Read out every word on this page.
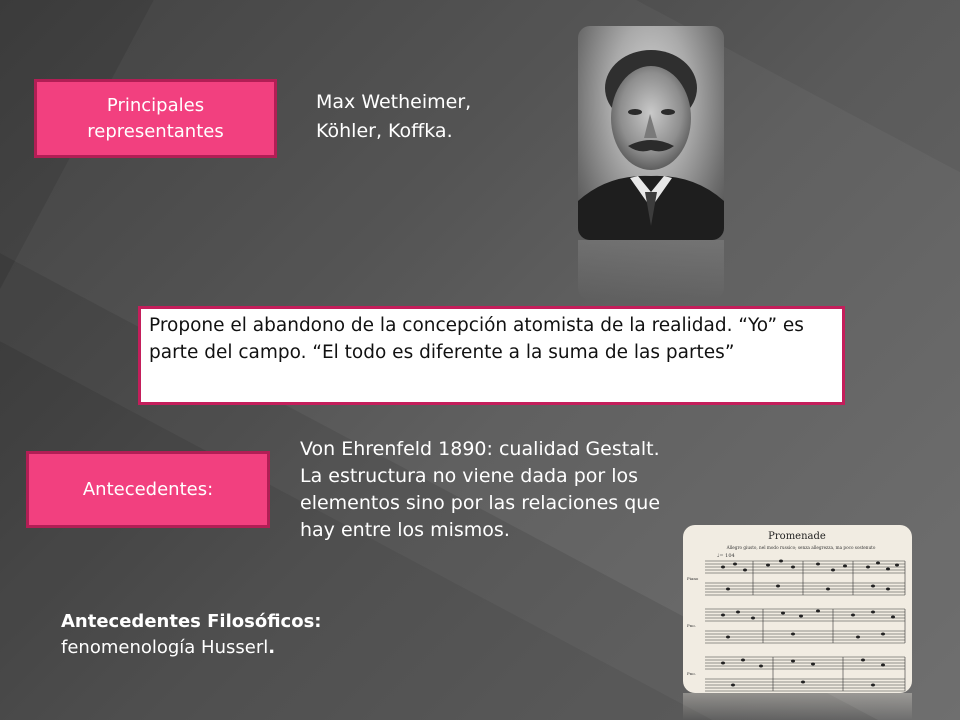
Principales representantes
Max Wetheimer,
Köhler, Koffka.
Propone el abandono de la concepción atomista de la realidad. “Yo” es parte del campo. “El todo es diferente a la suma de las partes”
Antecedentes:
Von Ehrenfeld 1890: cualidad Gestalt.
La estructura no viene dada por los
elementos sino por las relaciones que
hay entre los mismos.	Promenade
Allegro giusto, nel modo russico; senza allegrezza, ma poco sostenuto
♩= 104
Piano
Pno.
Pno.
Antecedentes Filosóficos:
fenomenología Husserl.
